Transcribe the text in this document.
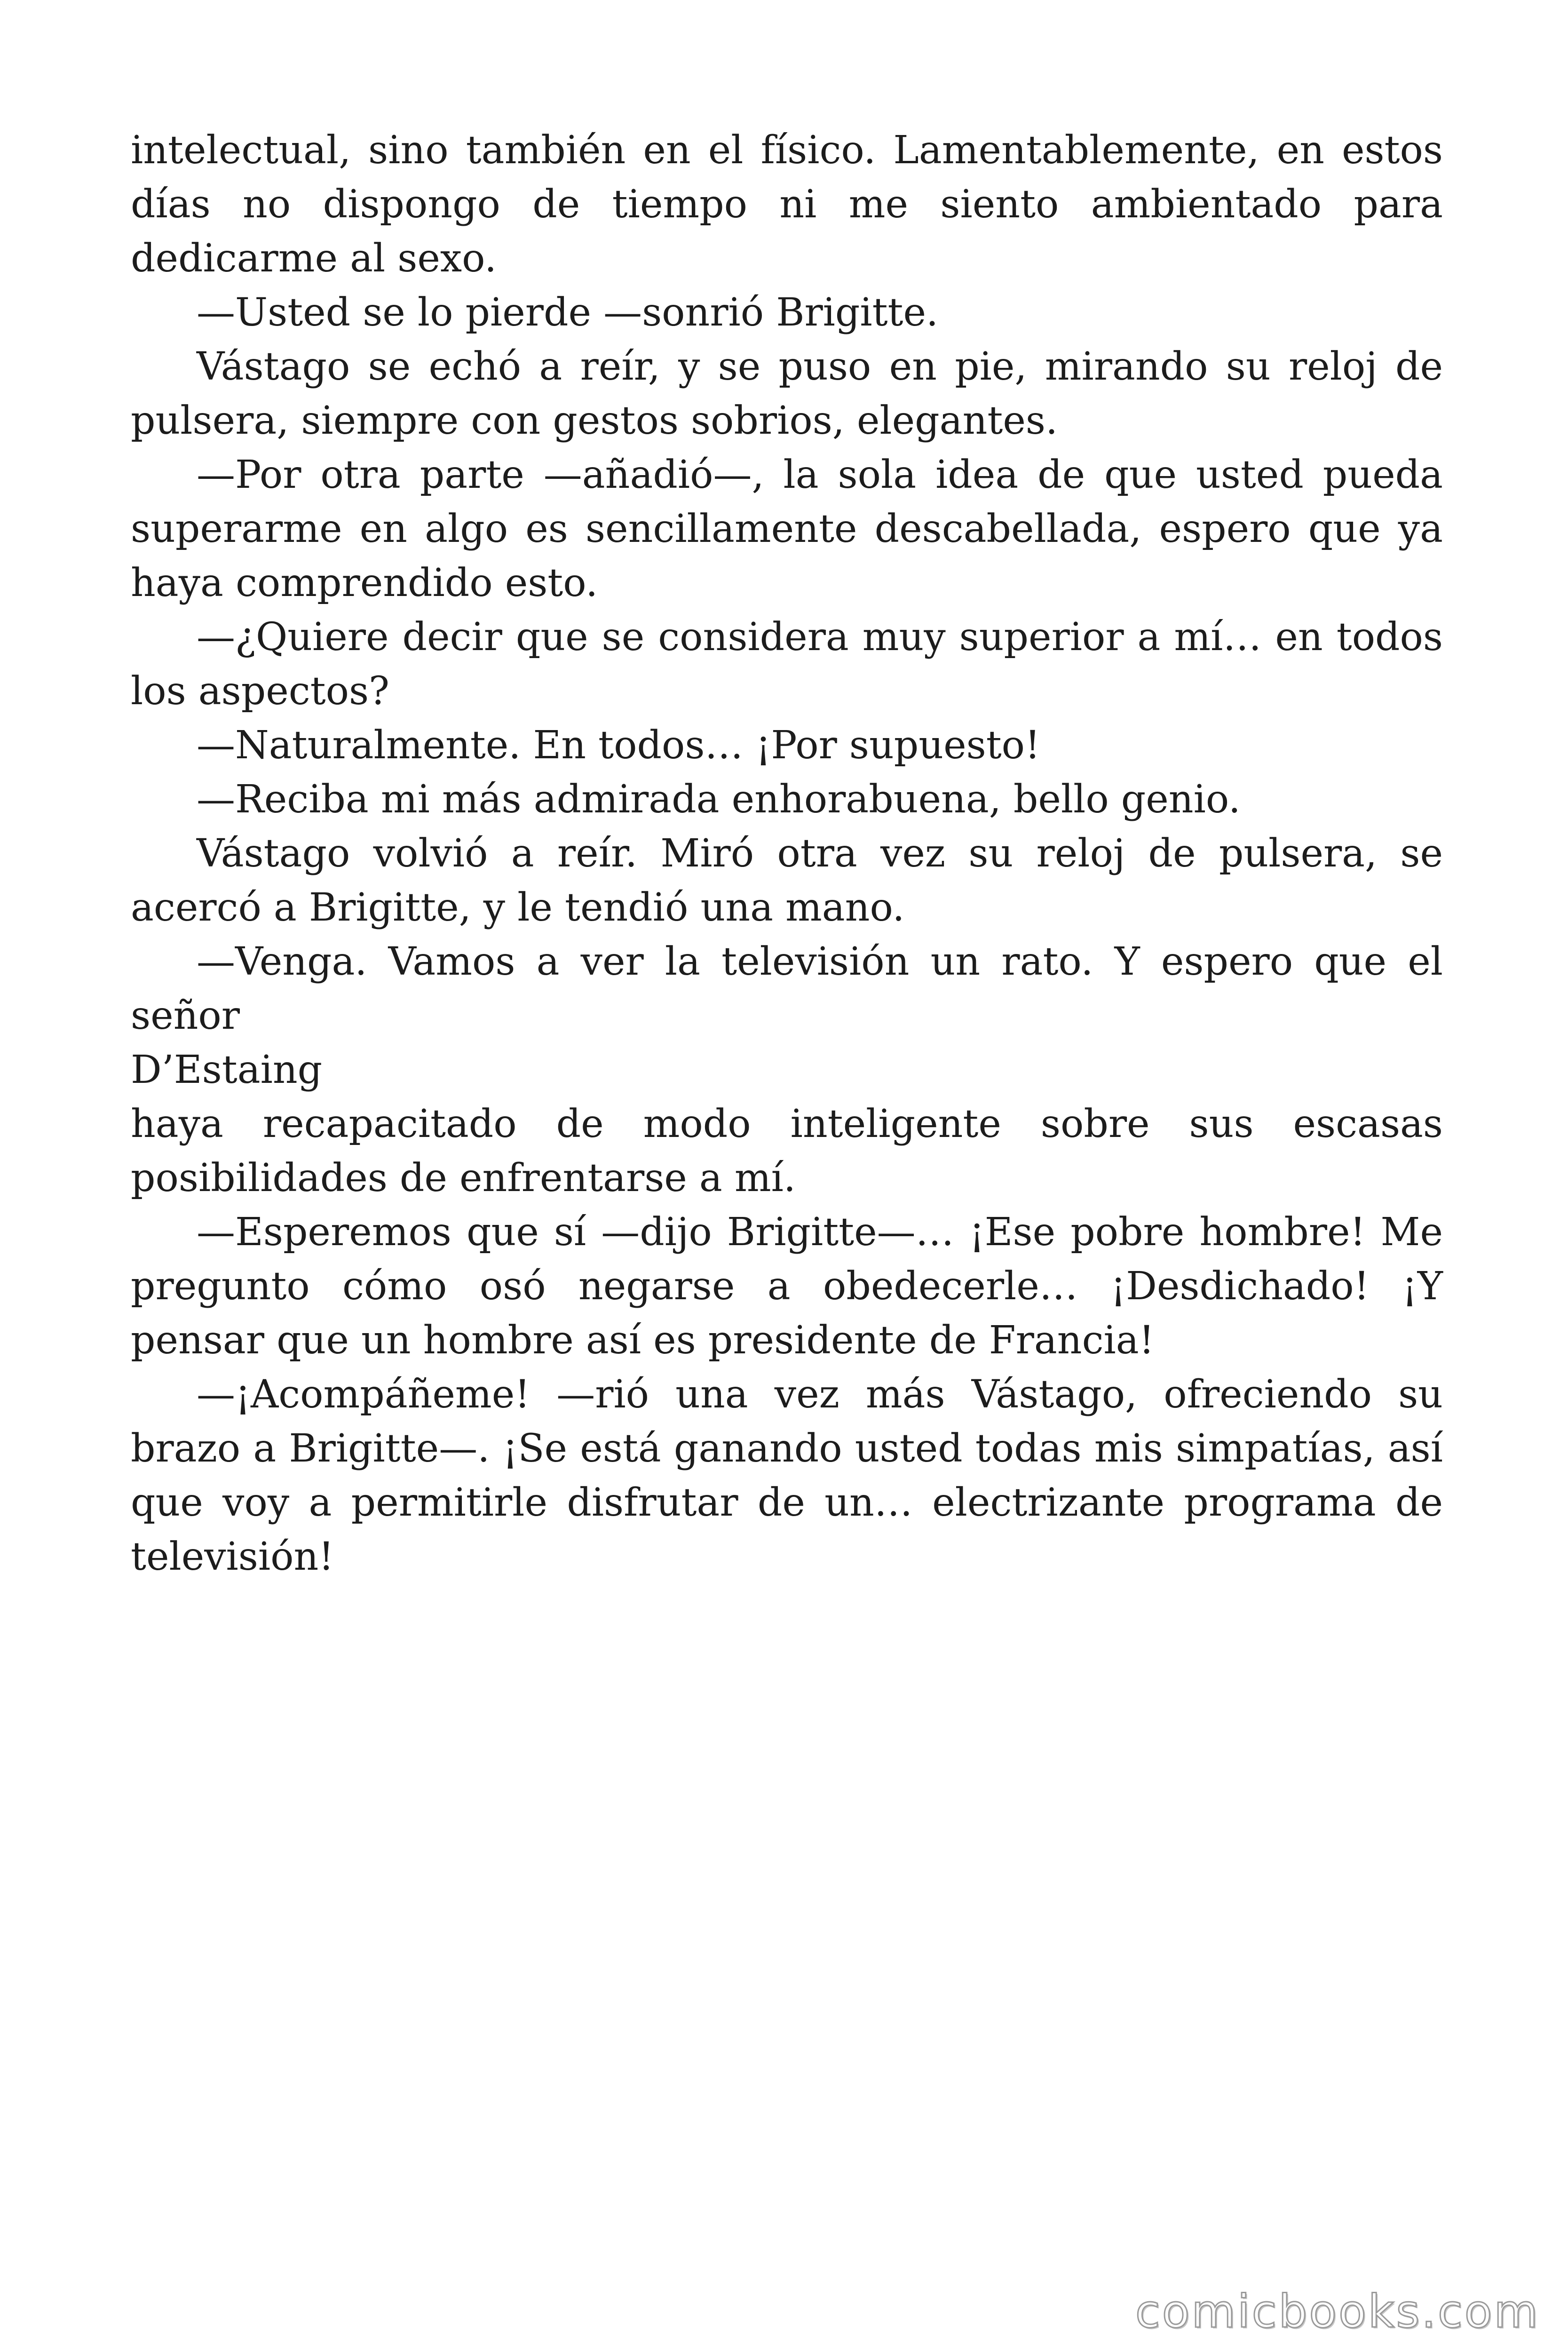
intelectual, sino también en el físico. Lamentablemente, en estos días no dispongo de tiempo ni me siento ambientado para dedicarme al sexo.

—Usted se lo pierde —sonrió Brigitte.

Vástago se echó a reír, y se puso en pie, mirando su reloj de pulsera, siempre con gestos sobrios, elegantes.

—Por otra parte —añadió—, la sola idea de que usted pueda superarme en algo es sencillamente descabellada, espero que ya haya comprendido esto.

—¿Quiere decir que se considera muy superior a mí… en todos los aspectos?

—Naturalmente. En todos… ¡Por supuesto!

—Reciba mi más admirada enhorabuena, bello genio.

Vástago volvió a reír. Miró otra vez su reloj de pulsera, se acercó a Brigitte, y le tendió una mano.

—Venga. Vamos a ver la televisión un rato. Y espero que el señor

D’Estaing

haya recapacitado de modo inteligente sobre sus escasas posibilidades de enfrentarse a mí.

—Esperemos que sí —dijo Brigitte—… ¡Ese pobre hombre! Me pregunto cómo osó negarse a obedecerle… ¡Desdichado! ¡Y pensar que un hombre así es presidente de Francia!

—¡Acompáñeme! —rió una vez más Vástago, ofreciendo su brazo a Brigitte—. ¡Se está ganando usted todas mis simpatías, así que voy a permitirle disfrutar de un… electrizante programa de televisión!

comicbooks.com
